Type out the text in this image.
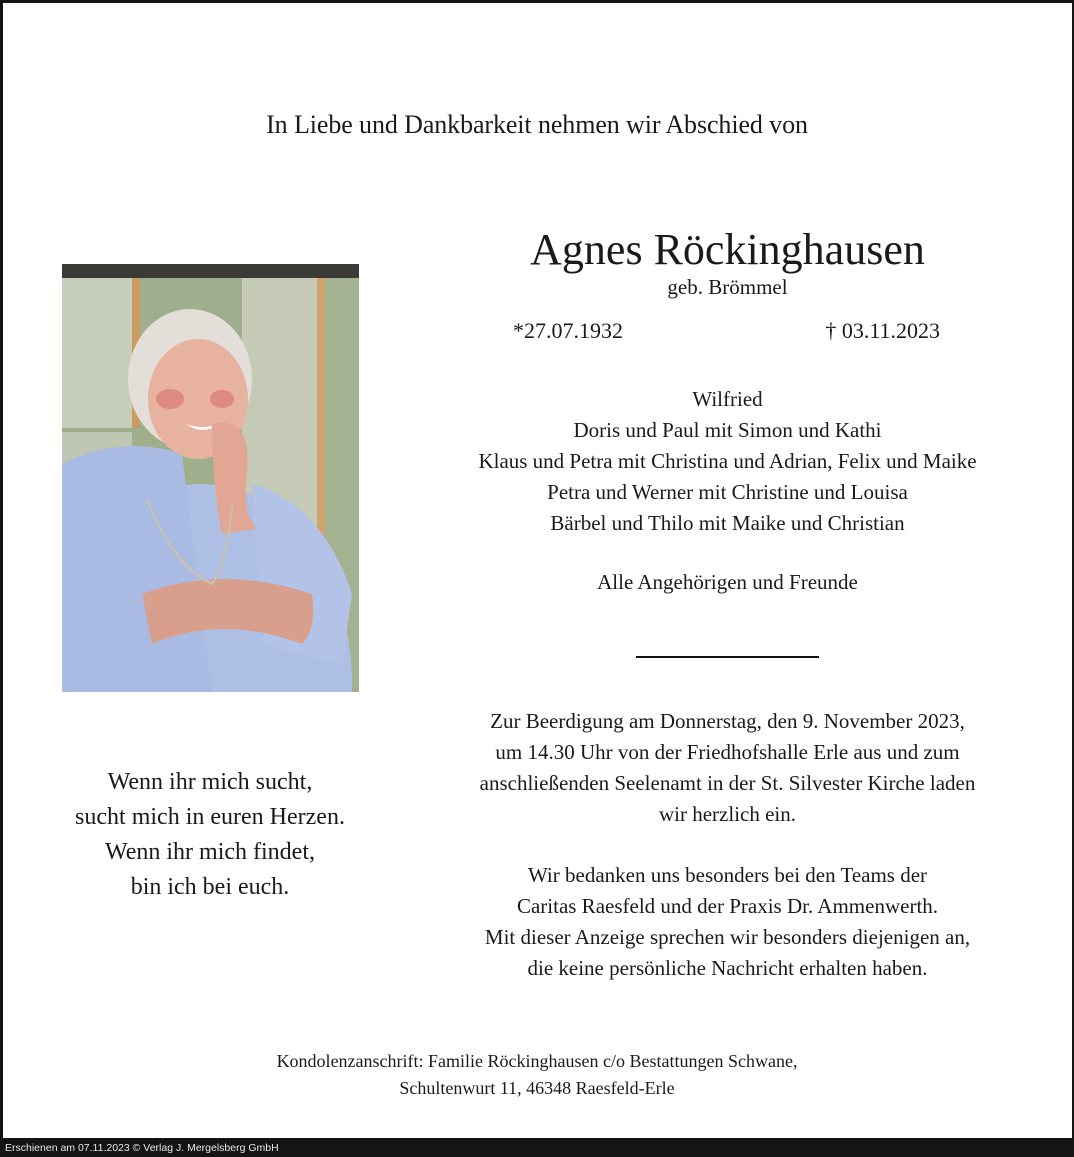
In Liebe und Dankbarkeit nehmen wir Abschied von
Agnes Röckinghausen
geb. Brömmel
*27.07.1932	† 03.11.2023
Wilfried
Doris und Paul mit Simon und Kathi
Klaus und Petra mit Christina und Adrian, Felix und Maike
Petra und Werner mit Christine und Louisa
Bärbel und Thilo mit Maike und Christian
Alle Angehörigen und Freunde
Zur Beerdigung am Donnerstag, den 9. November 2023,
um 14.30 Uhr von der Friedhofshalle Erle aus und zum
anschließenden Seelenamt in der St. Silvester Kirche laden
wir herzlich ein.
Wir bedanken uns besonders bei den Teams der
Caritas Raesfeld und der Praxis Dr. Ammenwerth.
Mit dieser Anzeige sprechen wir besonders diejenigen an,
die keine persönliche Nachricht erhalten haben.
Wenn ihr mich sucht,
sucht mich in euren Herzen.
Wenn ihr mich findet,
bin ich bei euch.
Kondolenzanschrift: Familie Röckinghausen c/o Bestattungen Schwane,
Schultenwurt 11, 46348 Raesfeld-Erle
Erschienen am 07.11.2023 © Verlag J. Mergelsberg GmbH
